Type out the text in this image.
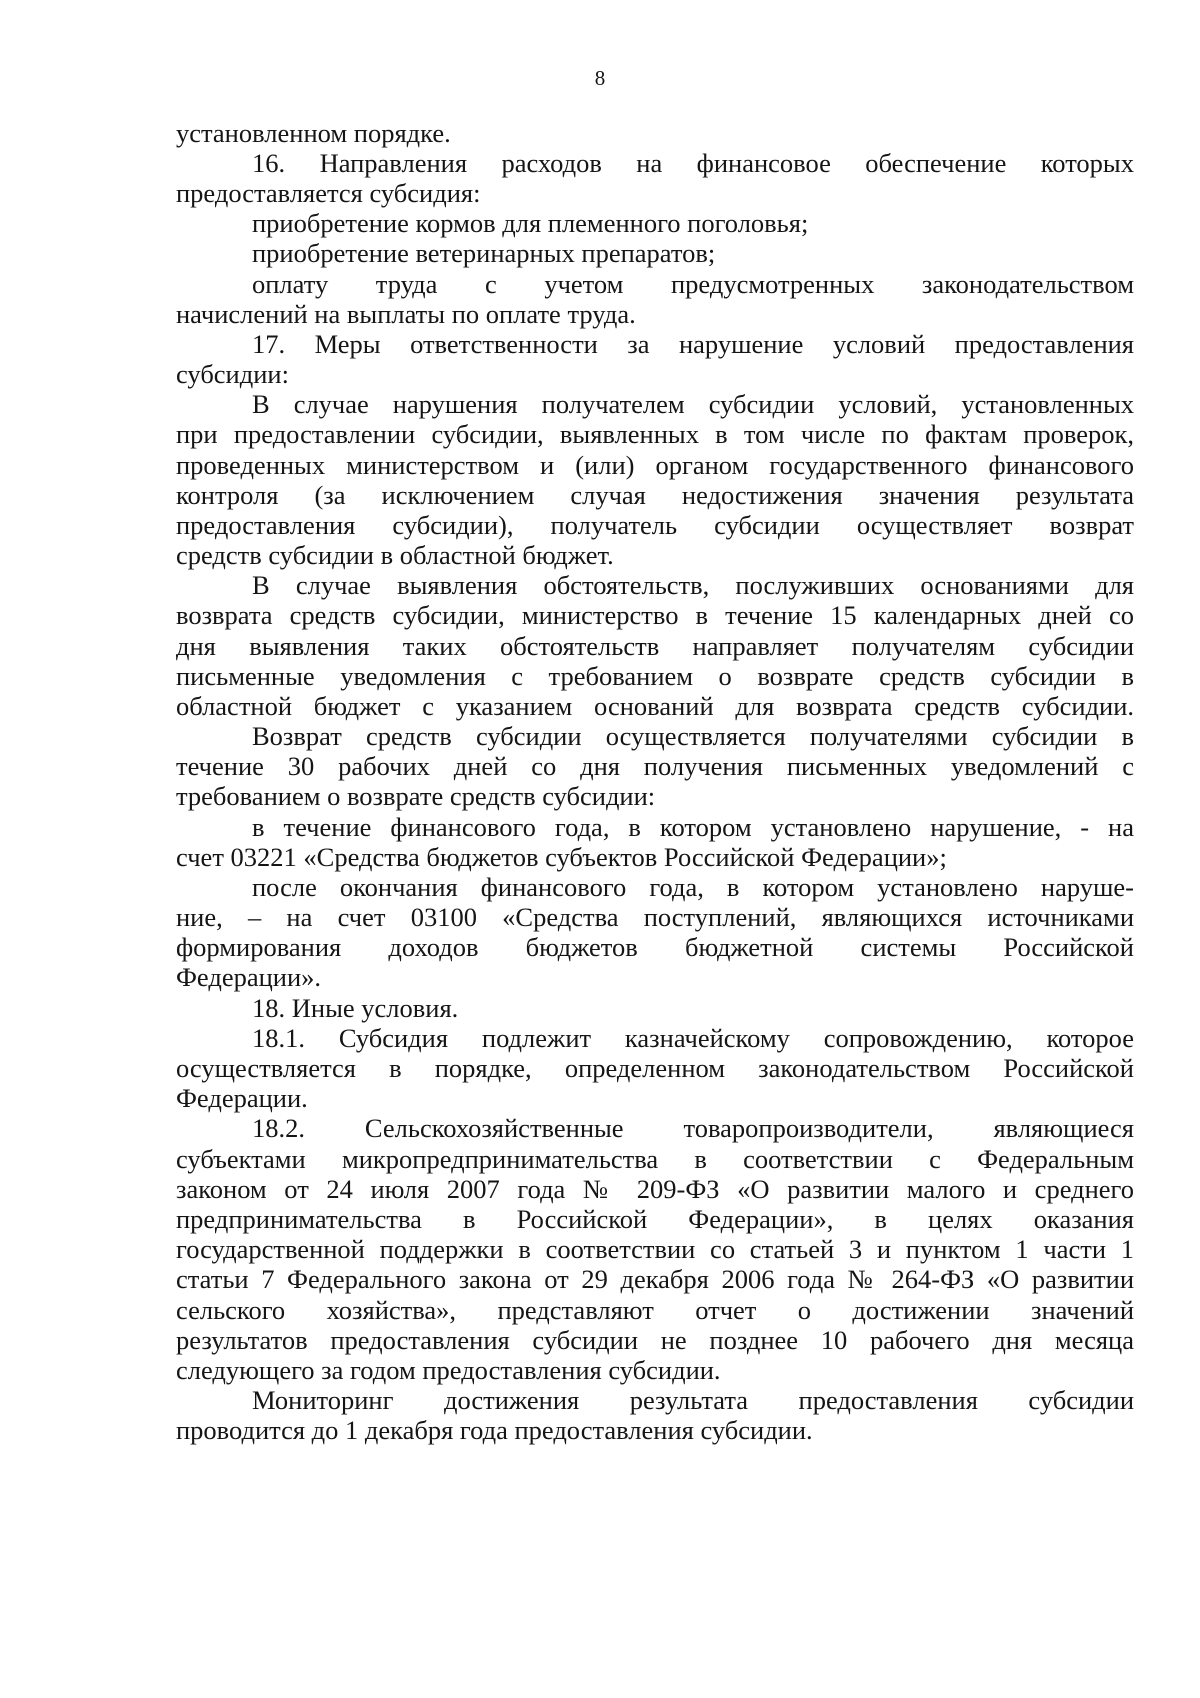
8
установленном порядке.
16. Направления расходов на финансовое обеспечение которых
предоставляется субсидия:
приобретение кормов для племенного поголовья;
приобретение ветеринарных препаратов;
оплату труда с учетом предусмотренных законодательством
начислений на выплаты по оплате труда.
17. Меры ответственности за нарушение условий предоставления
субсидии:
В случае нарушения получателем субсидии условий, установленных
при предоставлении субсидии, выявленных в том числе по фактам проверок,
проведенных министерством и (или) органом государственного финансового
контроля (за исключением случая недостижения значения результата
предоставления субсидии), получатель субсидии осуществляет возврат
средств субсидии в областной бюджет.
В случае выявления обстоятельств, послуживших основаниями для
возврата средств субсидии, министерство в течение 15 календарных дней со
дня выявления таких обстоятельств направляет получателям субсидии
письменные уведомления с требованием о возврате средств субсидии в
областной бюджет с указанием оснований для возврата средств субсидии.
Возврат средств субсидии осуществляется получателями субсидии в
течение 30 рабочих дней со дня получения письменных уведомлений с
требованием о возврате средств субсидии:
в течение финансового года, в котором установлено нарушение, - на
счет 03221 «Средства бюджетов субъектов Российской Федерации»;
после окончания финансового года, в котором установлено наруше-
ние, – на счет 03100 «Средства поступлений, являющихся источниками
формирования доходов бюджетов бюджетной системы Российской
Федерации».
18. Иные условия.
18.1. Субсидия подлежит казначейскому сопровождению, которое
осуществляется в порядке, определенном законодательством Российской
Федерации.
18.2. Сельскохозяйственные товаропроизводители, являющиеся
субъектами микропредпринимательства в соответствии с Федеральным
законом от 24 июля 2007 года № 209-ФЗ «О развитии малого и среднего
предпринимательства в Российской Федерации», в целях оказания
государственной поддержки в соответствии со статьей 3 и пунктом 1 части 1
статьи 7 Федерального закона от 29 декабря 2006 года № 264-ФЗ «О развитии
сельского хозяйства», представляют отчет о достижении значений
результатов предоставления субсидии не позднее 10 рабочего дня месяца
следующего за годом предоставления субсидии.
Мониторинг достижения результата предоставления субсидии
проводится до 1 декабря года предоставления субсидии.
